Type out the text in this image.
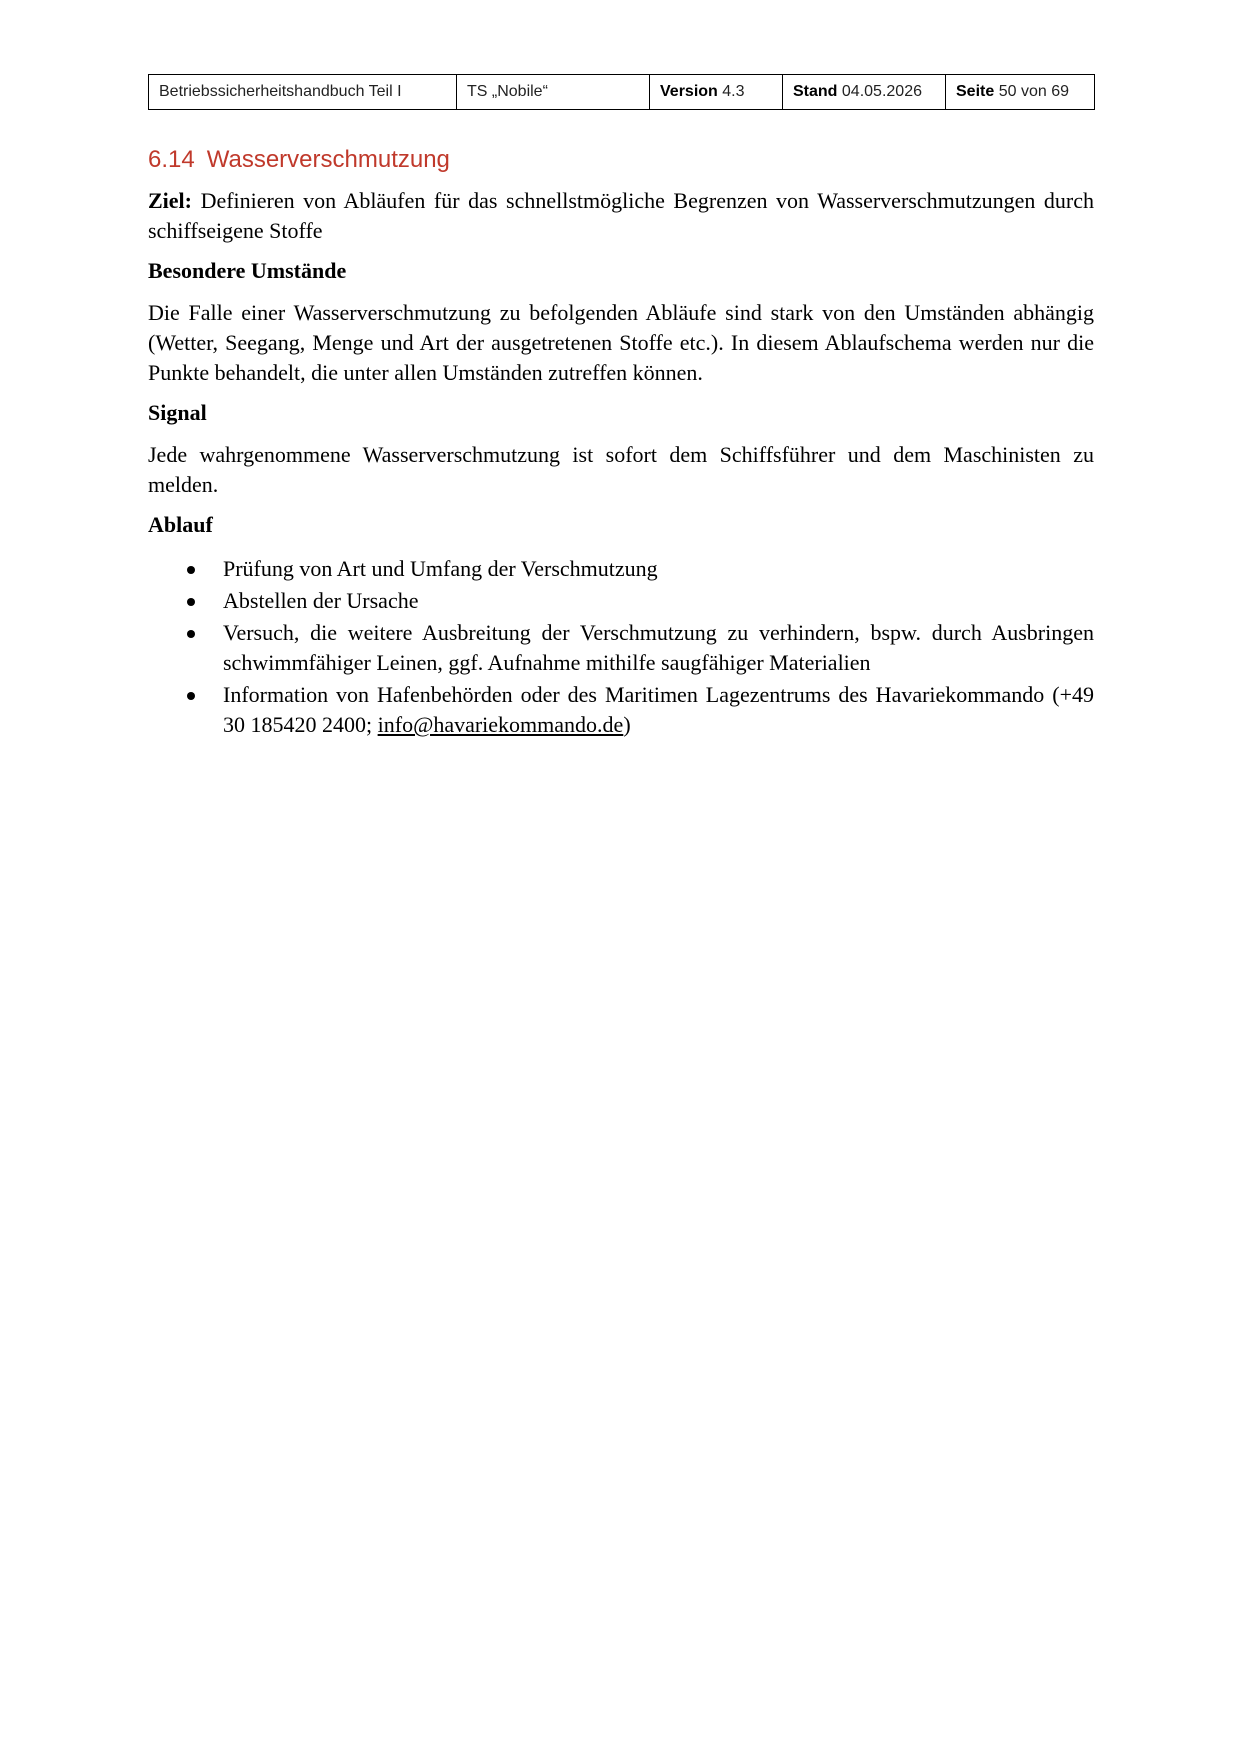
Betriebssicherheitshandbuch Teil I	TS „Nobile“	Version 4.3	Stand 04.05.2026	Seite 50 von 69
6.14 Wasserverschmutzung

Ziel: Definieren von Abläufen für das schnellstmögliche Begrenzen von Wasserverschmutzungen durch schiffseigene Stoffe

Besondere Umstände

Die Falle einer Wasserverschmutzung zu befolgenden Abläufe sind stark von den Umständen abhängig (Wetter, Seegang, Menge und Art der ausgetretenen Stoffe etc.). In diesem Ablaufschema werden nur die Punkte behandelt, die unter allen Umständen zutreffen können.

Signal

Jede wahrgenommene Wasserverschmutzung ist sofort dem Schiffsführer und dem Maschinisten zu melden.

Ablauf
Prüfung von Art und Umfang der Verschmutzung
Abstellen der Ursache
Versuch, die weitere Ausbreitung der Verschmutzung zu verhindern, bspw. durch Ausbringen schwimmfähiger Leinen, ggf. Aufnahme mithilfe saugfähiger Materialien
Information von Hafenbehörden oder des Maritimen Lagezentrums des Havariekommando (+49 30 185420 2400; info@havariekommando.de)
